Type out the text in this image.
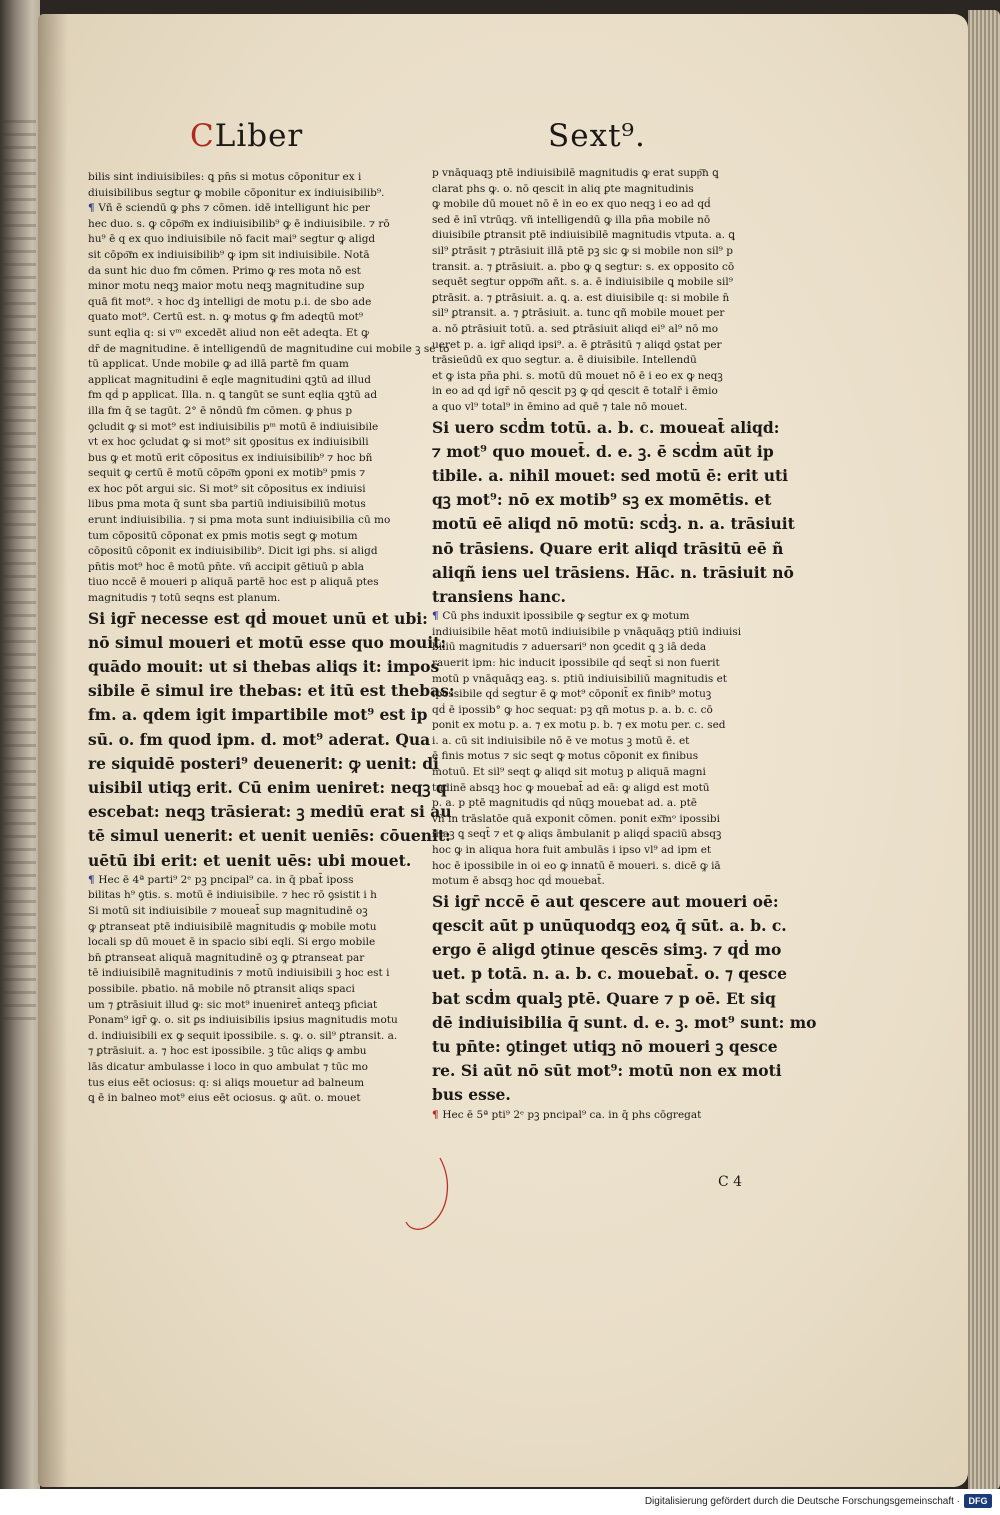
CLiber	Sext⁹.
bilis sint indiuisibiles: ꝗ pn̄s si motus cōponitur ex i
diuisibilibus segtur ꝙ mobile cōponitur ex indiuisibilib⁹.
¶ Vñ ē sciendū ꝙ phs ⁊ cōmen. idē intelligunt hic per
hec duo. s. ꝙ cōpo͞m ex indiuisibilib⁹ ꝙ ē indiuisibile. ⁊ rō
hu⁹ ē q ex quo indiuisibile nō facit mai⁹ segtur ꝙ aligd
sit cōpo͞m ex indiuisibilib⁹ ꝙ ipm sit indiuisibile. Notā
da sunt hic duo fm cōmen. Primo ꝙ res mota nō est
minor motu neqꝫ maior motu neqꝫ magnitudine sup
quā fit mot⁹. ꝛ hoc dꝫ intelligi de motu p.i. de sbo ade
quato mot⁹. Certū est. n. ꝙ motus ꝙ fm adeqtū mot⁹
sunt eqlia q: si vᵐ excedēt aliud non eēt adeqta. Et ꝙ
dr̄ de magnitudine. ē intelligendū de magnitudine cui mobile ꝫ se to
tū applicat. Unde mobile ꝙ ad illā partē fm quam
applicat magnitudini ē eqle magnitudini qꝫtū ad illud
fm qḋ p applicat. Illa. n. ꝗ tangūt se sunt eqlia qꝫtū ad
illa fm q̄ se tagūt. 2° ē nōndū fm cōmen. ꝙ phus p
ꝯcludit ꝙ si mot⁹ est indiuisibilis pᵐ motū ē indiuisibile
vt ex hoc ꝯcludat ꝙ si mot⁹ sit ꝯpositus ex indiuisibili
bus ꝙ et motū erit cōpositus ex indiuisibilib⁹ ⁊ hoc bñ
sequit ꝙ certū ē motū cōpo͞m ꝯponi ex motib⁹ pmis ⁊
ex hoc pōt argui sic. Si mot⁹ sit cōpositus ex indiuisi
libus pma mota q̄ sunt sba partiū indiuisibiliū motus
erunt indiuisibilia. ⁊ si pma mota sunt indiuisibilia cū mo
tum cōpositū cōponat ex pmis motis segt ꝙ motum
cōpositū cōponit ex indiuisibilib⁹. Dicit igi phs. si aligd
pn̄tis mot⁹ hoc ē motū pn̄te. vñ accipit gētiuū p abla
tiuo nccē ē moueri p aliquā partē hoc est p aliquā ptes
magnitudis ⁊ totū seqns est planum.
Si igr̄ necesse est qḋ mouet unū et ubi:
nō simul moueri et motū esse quo mouit:
quādo mouit: ut si thebas aliqs it: impos
sibile ē simul ire thebas: et itū est thebas:
fm. a. qdem igit impartibile mot⁹ est ip
sū. o. fm quod ipm. d. mot⁹ aderat. Qua
re siquidē posteri⁹ deuenerit: ꝙ uenit: di
uisibil utiqꝫ erit. Cū enim ueniret: neqꝫ q
escebat: neqꝫ trāsierat: ꝫ mediū erat si au
tē simul uenerit: et uenit ueniēs: cōuenit:
uētū ibi erit: et uenit uēs: ubi mouet.
¶ Hec ē 4ª parti⁹ 2ᵉ pꝫ pncipal⁹ ca. in q̄ pbat̄ iposs
bilitas h⁹ ꝯtis. s. motū ē indiuisibile. ⁊ hec rō ꝯsistit i h
Si motū sit indiuisibile ⁊ moueat̄ sup magnitudinē oꝫ
ꝙ ꝑtranseat ptē indiuisibilē magnitudis ꝙ mobile motu
locali sp dū mouet ē in spacio sibi eqli. Si ergo mobile
bn̄ ꝑtranseat aliquā magnitudinē oꝫ ꝙ ꝑtranseat par
tē indiuisibilē magnitudinis ⁊ motū indiuisibili ꝫ hoc est i
possibile. pbatio. nā mobile nō ꝑtransit aliqs spaci
um ⁊ ꝑtrāsiuit illud ꝙ: sic mot⁹ inueniret̄ anteqꝫ pficiat
Ponam⁹ igr̄ ꝙ. o. sit ꝑs indiuisibilis ipsius magnitudis motu
d. indiuisibili ex ꝙ sequit ipossibile. s. ꝙ. o. sil⁹ ꝑtransit. a.
⁊ ꝑtrāsiuit. a. ⁊ hoc est ipossibile. ꝫ tūc aliqs ꝙ ambu
lās dicatur ambulasse i loco in quo ambulat ⁊ tūc mo
tus eius eēt ociosus: q: si aliqs mouetur ad balneum
ꝗ ē in balneo mot⁹ eius eēt ociosus. ꝙ aūt. o. mouet
p vnāquaqꝫ ptē indiuisibilē magnitudis ꝙ erat supp͞n ꝗ
clarat phs ꝙ. o. nō qescit in aliq ꝑte magnitudinis
ꝙ mobile dū mouet nō ē in eo ex quo neqꝫ i eo ad qḋ
sed ē inī vtrūqꝫ. vñ intelligendū ꝙ illa pn̄a mobile nō
diuisibile ꝑtransit ptē indiuisibilē magnitudis vtputa. a. ꝗ
sil⁹ ꝑtrāsit ⁊ ꝑtrāsiuit illā ptē pꝫ sic ꝙ si mobile non sil⁹ p
transit. a. ⁊ ꝑtrāsiuit. a. pbo ꝙ ꝗ segtur: s. ex opposito cō
sequēt segtur oppo͞m añt. s. a. ē indiuisibile ꝗ mobile sil⁹
ꝑtrāsit. a. ⁊ ꝑtrāsiuit. a. ꝗ. a. est diuisibile q: si mobile n̄
sil⁹ ꝑtransit. a. ⁊ ꝑtrāsiuit. a. tunc qñ mobile mouet per
a. nō ꝑtrāsiuit totū. a. sed ꝑtrāsiuit aliqd ei⁹ al⁹ nō mo
ueret p. a. igr̄ aliqd ipsi⁹. a. ē ꝑtrāsitū ⁊ aliqd ꝯstat per
trāsieūdū ex quo segtur. a. ē diuisibile. Intellendū
et ꝙ ista pn̄a phi. s. motū dū mouet nō ē i eo ex ꝙ neqꝫ
in eo ad qḋ igr̄ nō qescit pꝫ ꝙ qḋ qescit ē totalr̄ i ēmio
a quo vl⁹ total⁹ in ēmino ad quē ⁊ tale nō mouet.
Si uero scḋm totū. a. b. c. moueat̄ aliqd:
⁊ mot⁹ quo mouet̄. d. e. ꝫ. ē scḋm aūt ip
tibile. a. nihil mouet: sed motū ē: erit uti
qꝫ mot⁹: nō ex motib⁹ sꝫ ex momētis. et
motū eē aliqd nō motū: scḋꝫ. n. a. trāsiuit
nō trāsiens. Quare erit aliqd trāsitū eē ñ
aliqñ iens uel trāsiens. Hāc. n. trāsiuit nō
transiens hanc.
¶ Cū phs induxit ipossibile ꝙ segtur ex ꝙ motum
indiuisibile hēat motū indiuisibile p vnāquāqꝫ ptiū indiuisi
biliū magnitudis ⁊ aduersari⁹ non ꝯcedit ꝗ ꝫ iā deda
rauerit ipm: hic inducit ipossibile qḋ seqt̄ si non fuerit
motū p vnāquāqꝫ eaꝫ. s. ptiū indiuisibiliū magnitudis et
ipossibile qḋ segtur ē ꝙ mot⁹ cōponit̄ ex finib⁹ motuꝫ
qḋ ē ipossib° ꝙ hoc sequat: pꝫ qñ motus p. a. b. c. cō
ponit ex motu p. a. ⁊ ex motu p. b. ⁊ ex motu per. c. sed
i. a. cū sit indiuisibile nō ē ve motus ꝫ motū ē. et
ē finis motus ⁊ sic seqt ꝙ motus cōponit ex finibus
motuū. Et sil⁹ seqt ꝙ aliqd sit motuꝫ p aliquā magni
tudinē absqꝫ hoc ꝙ mouebat̄ ad eā: ꝙ aligd est motū
p. a. p ptē magnitudis qḋ nūqꝫ mouebat ad. a. ptē
vñ in trāslatōe quā exponit cōmen. ponit ex͞mᵒ ipossibi
litaꝫ ꝗ seqt̄ ⁊ et ꝙ aliqs āmbulanit p aliqḋ spaciū absqꝫ
hoc ꝙ in aliqua hora fuit ambulās i ipso vl⁹ ad ipm et
hoc ē ipossibile in oi eo ꝙ innatū ē moueri. s. dicē ꝙ iā
motum ē absqꝫ hoc qḋ mouebat̄.
Si igr̄ nccē ē aut qescere aut moueri oē:
qescit aūt p unūquodqꝫ eoꝝ q̄ sūt. a. b. c.
ergo ē aligd ꝯtinue qescēs simꝫ. ⁊ qḋ mo
uet. p totā. n. a. b. c. mouebat̄. o. ⁊ qesce
bat scḋm qualꝫ ptē. Quare ⁊ p oē. Et siq
dē indiuisibilia q̄ sunt. d. e. ꝫ. mot⁹ sunt: mo
tu pn̄te: ꝯtinget utiqꝫ nō moueri ꝫ qesce
re. Si aūt nō sūt mot⁹: motū non ex moti
bus esse.
¶ Hec ē 5ª pti⁹ 2ᵉ pꝫ pncipal⁹ ca. in q̄ phs cōgregat
C 4
Digitalisierung gefördert durch die Deutsche Forschungsgemeinschaft · DFG
